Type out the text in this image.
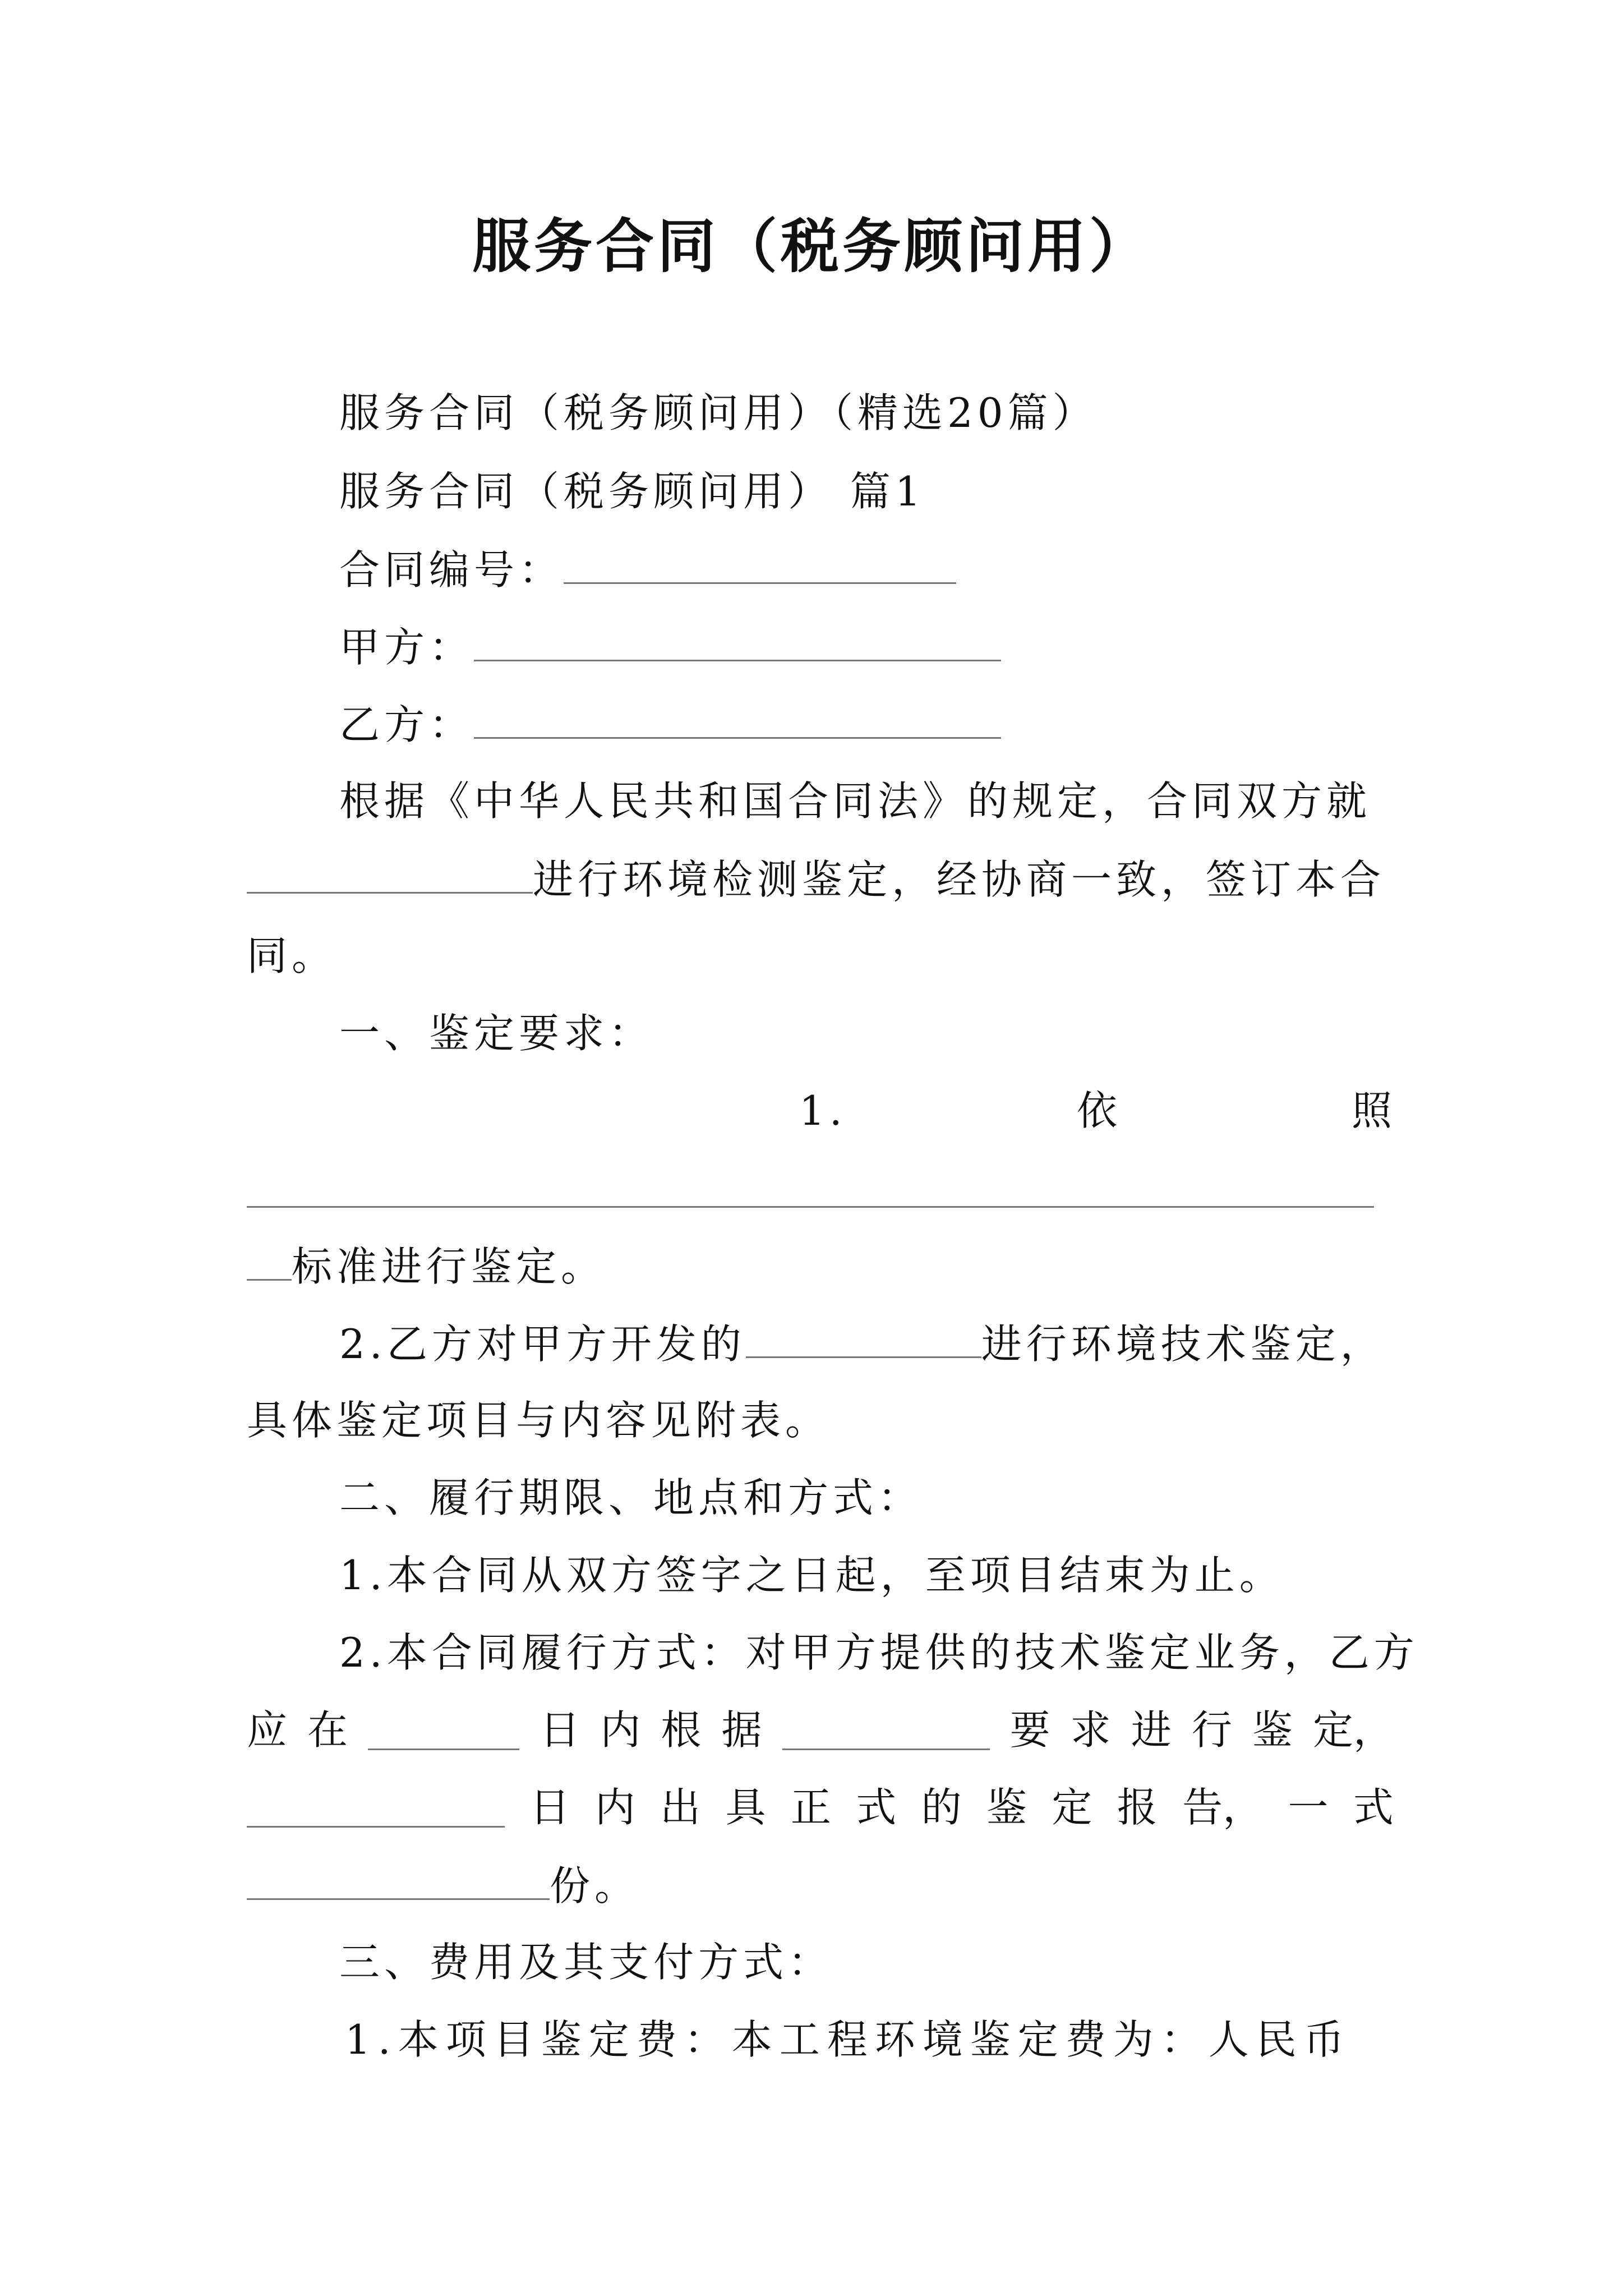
服务合同（税务顾问用）
服务合同（税务顾问用）（精选20篇）
服务合同（税务顾问用） 篇1
合同编号：
甲方：
乙方：
根据《中华人民共和国合同法》的规定，合同双方就
进行环境检测鉴定，经协商一致，签订本合
同。
一、鉴定要求：
1.	依	照
标准进行鉴定。
2.乙方对甲方开发的	进行环境技术鉴定，
具体鉴定项目与内容见附表。
二、履行期限、地点和方式：
1.本合同从双方签字之日起，至项目结束为止。
2.本合同履行方式：对甲方提供的技术鉴定业务，乙方
应 在	日 内 根 据	要 求 进 行 鉴 定，
日 内 出 具 正 式 的 鉴 定 报 告， 一 式
份。
三、费用及其支付方式：
1.本项目鉴定费：本工程环境鉴定费为：人民币
